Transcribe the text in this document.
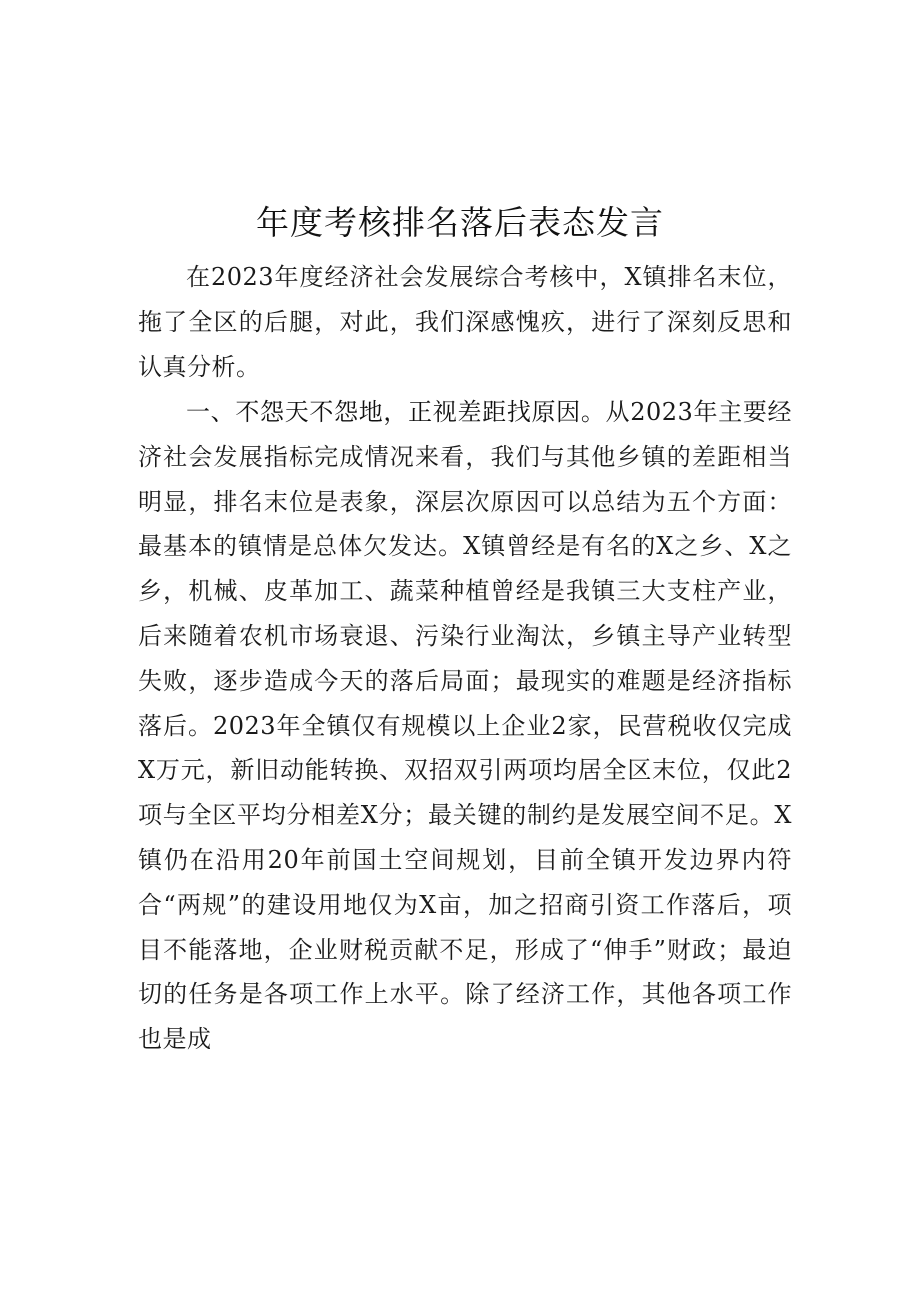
年度考核排名落后表态发言

在2023年度经济社会发展综合考核中，X镇排名末位，拖了全区的后腿，对此，我们深感愧疚，进行了深刻反思和认真分析。

一、不怨天不怨地，正视差距找原因。从2023年主要经济社会发展指标完成情况来看，我们与其他乡镇的差距相当明显，排名末位是表象，深层次原因可以总结为五个方面：最基本的镇情是总体欠发达。X镇曾经是有名的X之乡、X之乡，机械、皮革加工、蔬菜种植曾经是我镇三大支柱产业，后来随着农机市场衰退、污染行业淘汰，乡镇主导产业转型失败，逐步造成今天的落后局面；最现实的难题是经济指标落后。2023年全镇仅有规模以上企业2家，民营税收仅完成X万元，新旧动能转换、双招双引两项均居全区末位，仅此2项与全区平均分相差X分；最关键的制约是发展空间不足。X镇仍在沿用20年前国土空间规划，目前全镇开发边界内符合“两规”的建设用地仅为X亩，加之招商引资工作落后，项目不能落地，企业财税贡献不足，形成了“伸手”财政；最迫切的任务是各项工作上水平。除了经济工作，其他各项工作也是成
